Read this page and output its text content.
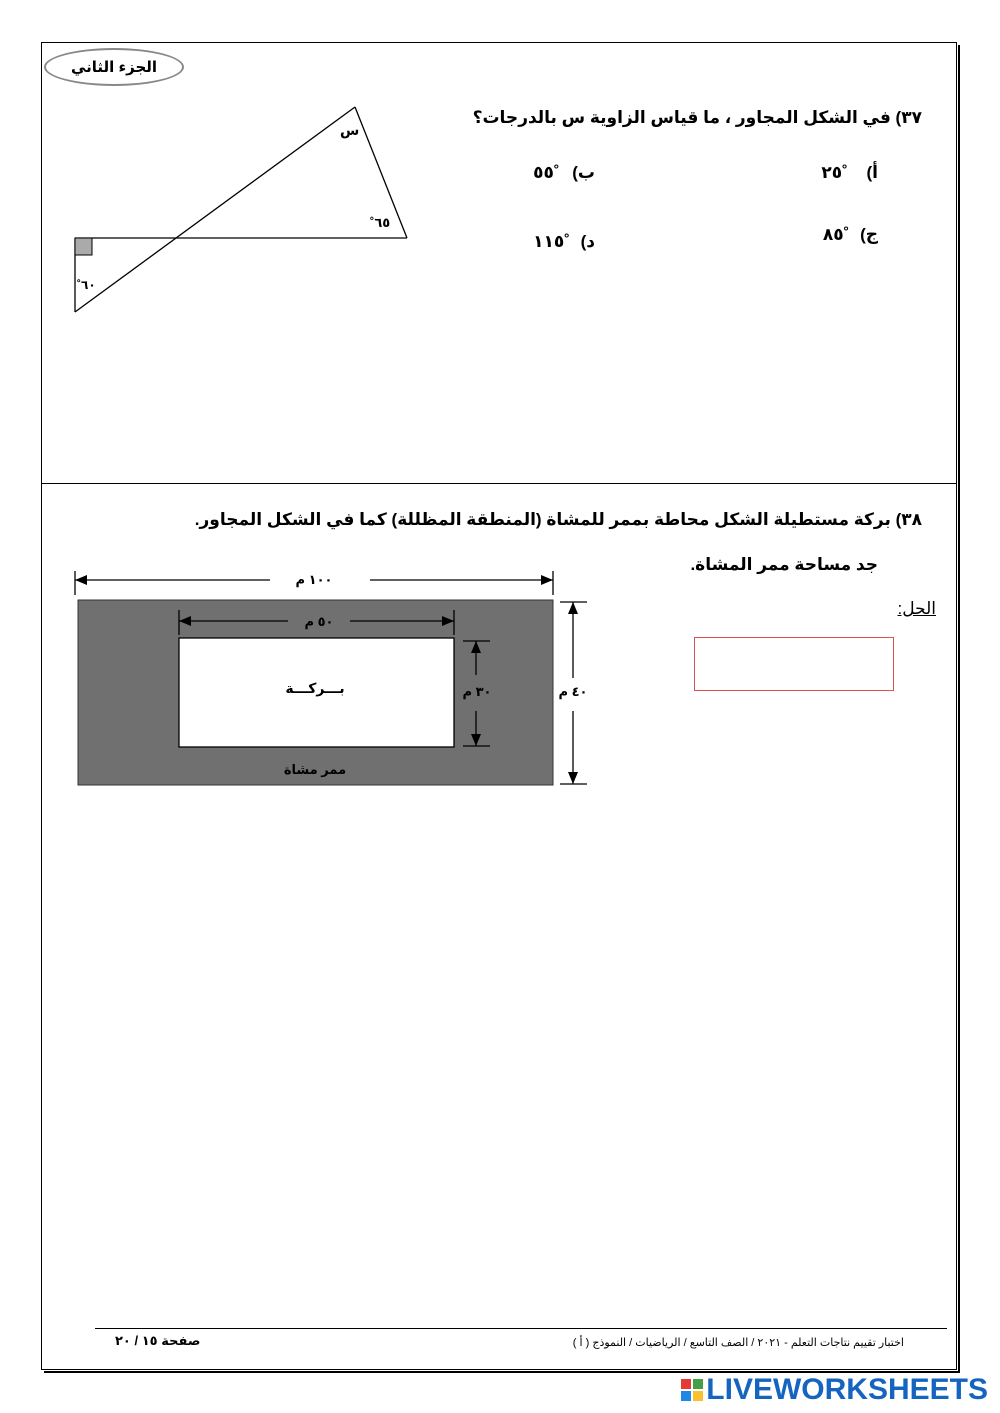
الجزء الثاني
٣٧) في الشكل المجاور ، ما قياس الزاوية س بالدرجات؟
أ) ˚٢٥
ب) ˚٥٥
ج) ˚٨٥
د) ˚١١٥
س
˚٦٥
˚٦٠
٣٨) بركة مستطيلة الشكل محاطة بممر للمشاة (المنطقة المظللة) كما في الشكل المجاور.
جد مساحة ممر المشاة.
الحل:
١٠٠ م
٥٠ م
٣٠ م	٤٠ م
بـــركـــة
ممر مشاة
صفحة ١٥ / ٢٠	اختبار تقييم نتاجات التعلم - ٢٠٢١ / الصف التاسع / الرياضيات / النموذج ( أ )
LIVEWORKSHEETS
